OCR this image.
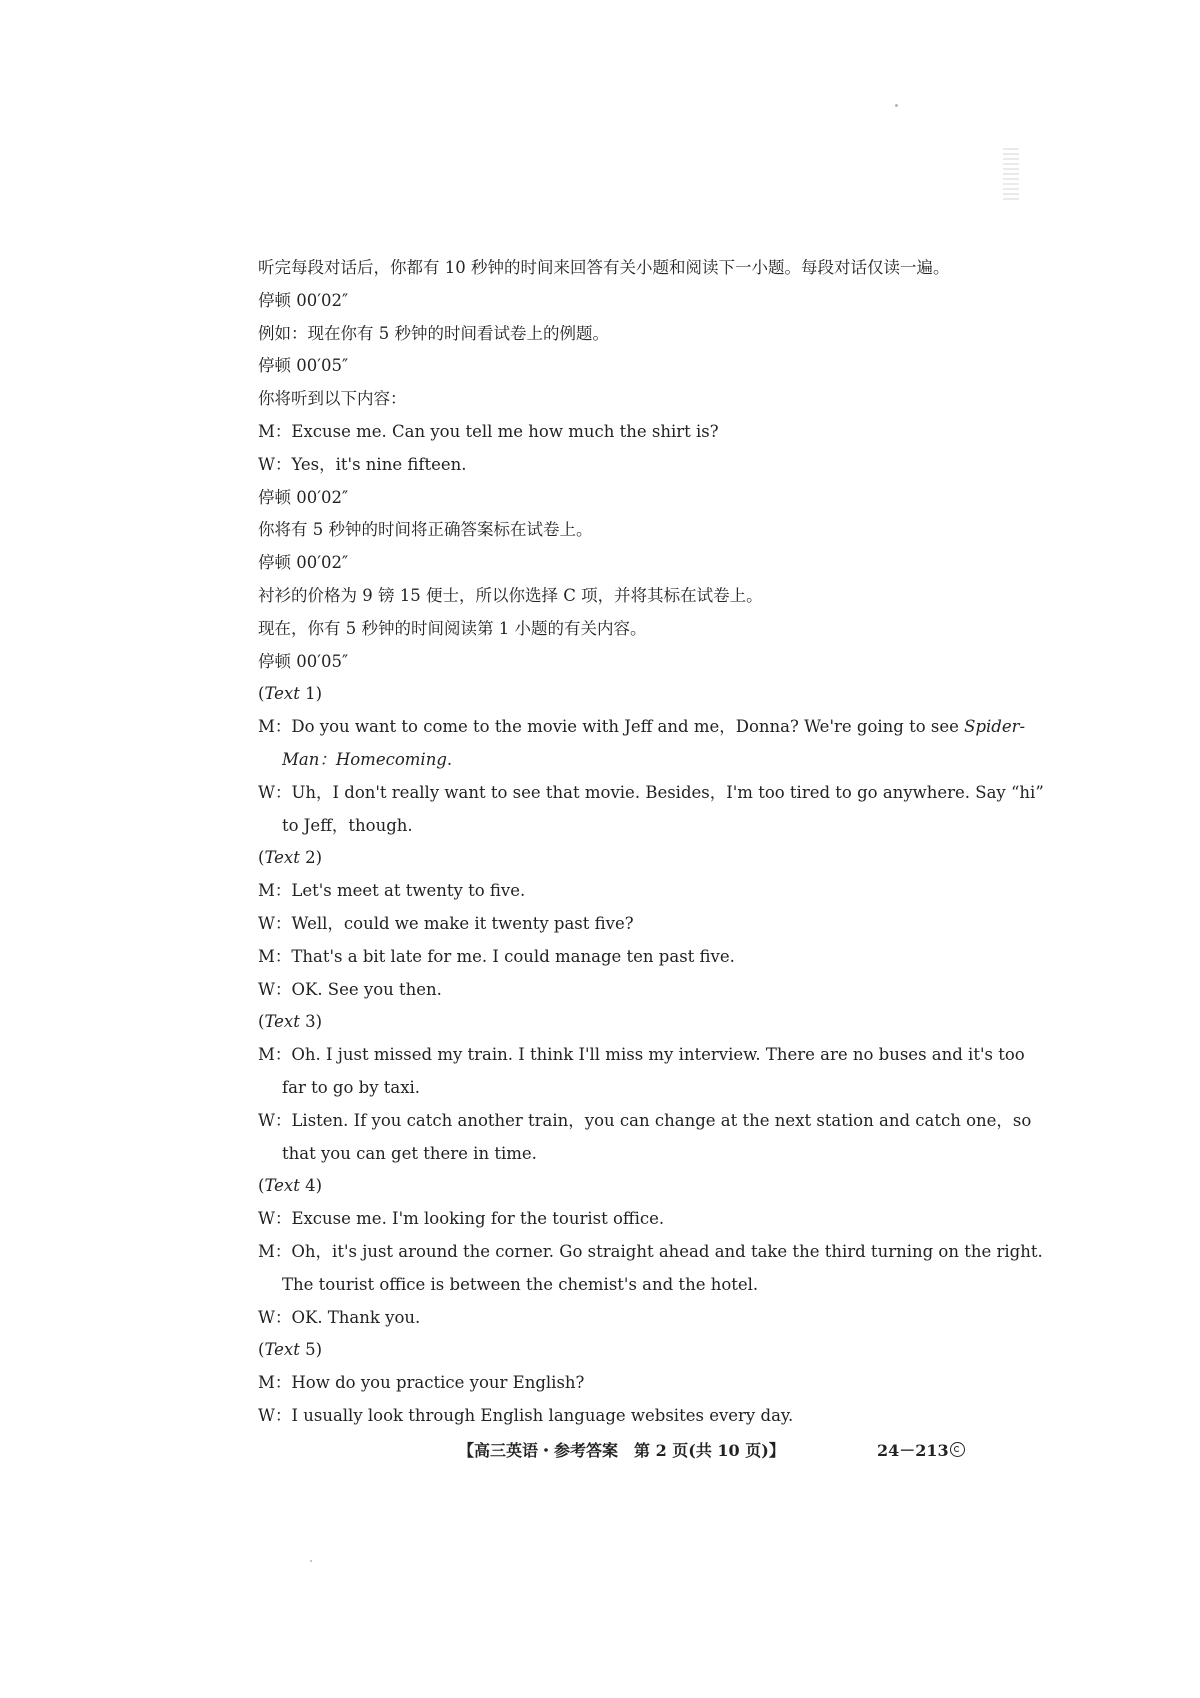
听完每段对话后，你都有 10 秒钟的时间来回答有关小题和阅读下一小题。每段对话仅读一遍。
停顿 00′02″
例如：现在你有 5 秒钟的时间看试卷上的例题。
停顿 00′05″
你将听到以下内容：
M：Excuse me. Can you tell me how much the shirt is?
W：Yes，it's nine fifteen.
停顿 00′02″
你将有 5 秒钟的时间将正确答案标在试卷上。
停顿 00′02″
衬衫的价格为 9 镑 15 便士，所以你选择 C 项，并将其标在试卷上。
现在，你有 5 秒钟的时间阅读第 1 小题的有关内容。
停顿 00′05″
(Text 1)
M：Do you want to come to the movie with Jeff and me，Donna? We're going to see Spider-
Man：Homecoming.
W：Uh，I don't really want to see that movie. Besides，I'm too tired to go anywhere. Say “hi”
to Jeff，though.
(Text 2)
M：Let's meet at twenty to five.
W：Well，could we make it twenty past five?
M：That's a bit late for me. I could manage ten past five.
W：OK. See you then.
(Text 3)
M：Oh. I just missed my train. I think I'll miss my interview. There are no buses and it's too
far to go by taxi.
W：Listen. If you catch another train，you can change at the next station and catch one，so
that you can get there in time.
(Text 4)
W：Excuse me. I'm looking for the tourist office.
M：Oh，it's just around the corner. Go straight ahead and take the third turning on the right.
The tourist office is between the chemist's and the hotel.
W：OK. Thank you.
(Text 5)
M：How do you practice your English?
W：I usually look through English language websites every day.
【高三英语・参考答案　第 2 页(共 10 页)】	24－213
